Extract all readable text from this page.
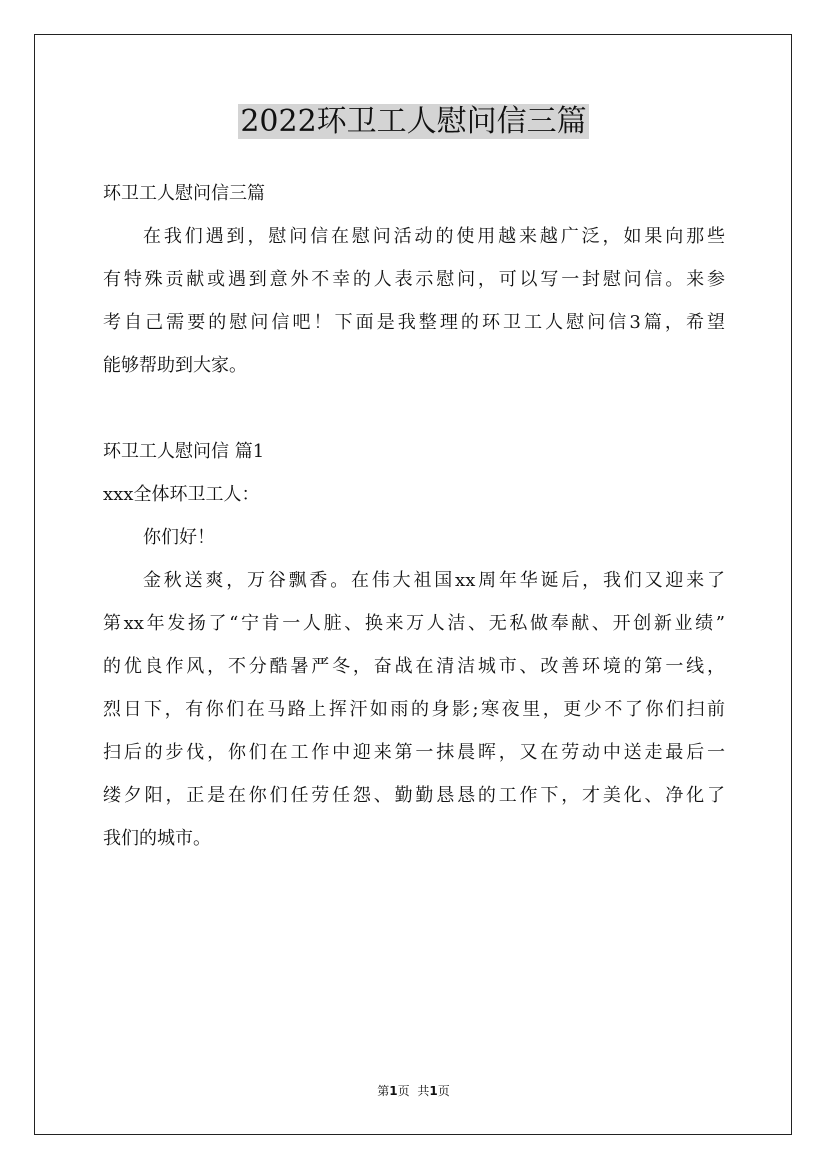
2022环卫工人慰问信三篇
环卫工人慰问信三篇
在我们遇到，慰问信在慰问活动的使用越来越广泛，如果向那些
有特殊贡献或遇到意外不幸的人表示慰问，可以写一封慰问信。来参
考自己需要的慰问信吧！下面是我整理的环卫工人慰问信3篇，希望
能够帮助到大家。
环卫工人慰问信 篇1
xxx全体环卫工人：
你们好！
金秋送爽，万谷飘香。在伟大祖国xx周年华诞后，我们又迎来了
第xx年发扬了“宁肯一人脏、换来万人洁、无私做奉献、开创新业绩”
的优良作风，不分酷暑严冬，奋战在清洁城市、改善环境的第一线，
烈日下，有你们在马路上挥汗如雨的身影;寒夜里，更少不了你们扫前
扫后的步伐，你们在工作中迎来第一抹晨晖，又在劳动中送走最后一
缕夕阳，正是在你们任劳任怨、勤勤恳恳的工作下，才美化、净化了
我们的城市。
第1页 共1页
